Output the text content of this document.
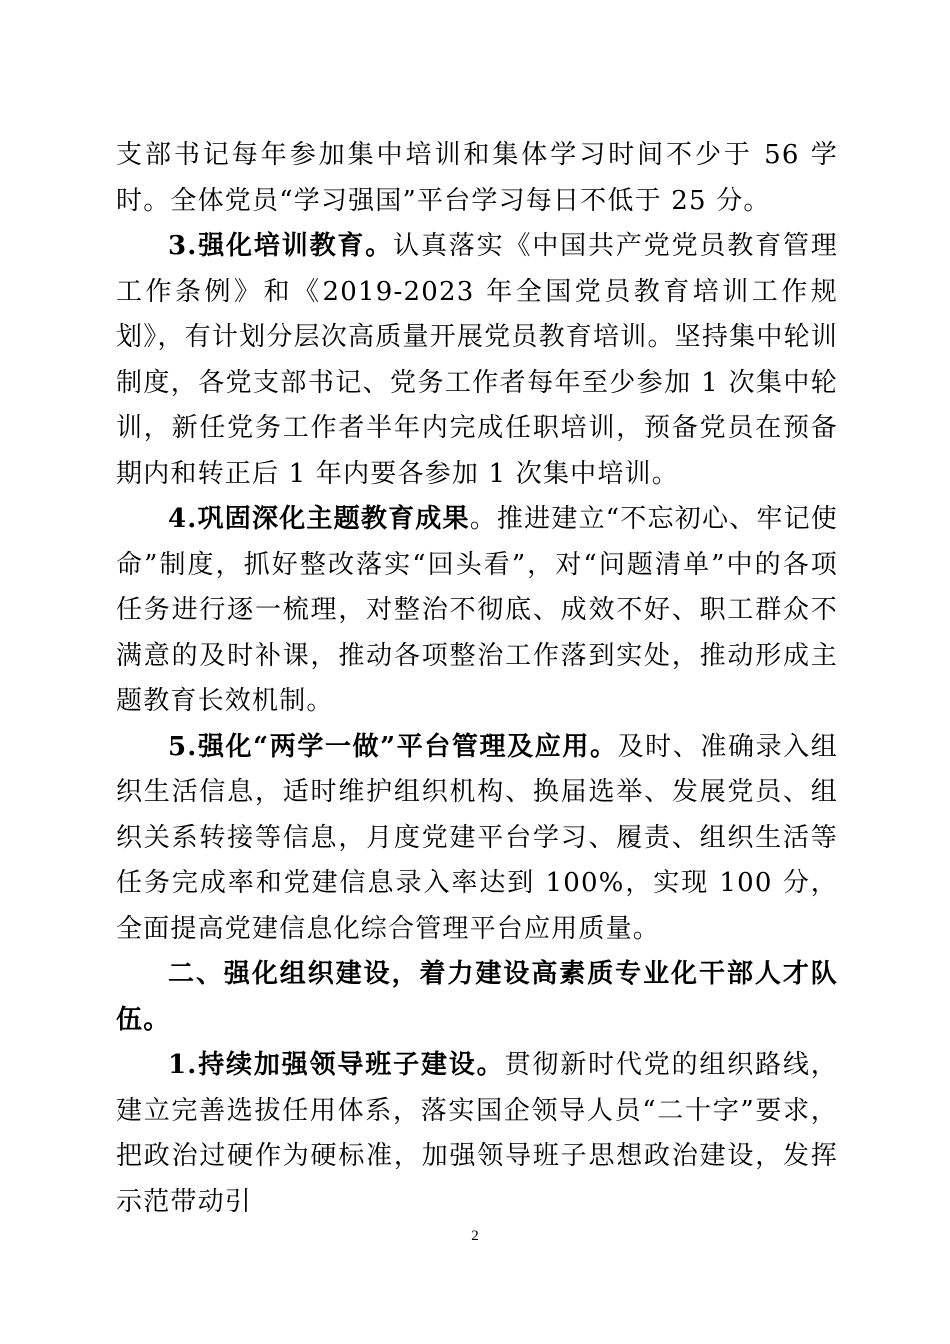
支部书记每年参加集中培训和集体学习时间不少于 56 学时。全体党员“学习强国”平台学习每日不低于 25 分。

3.强化培训教育。认真落实《中国共产党党员教育管理工作条例》和《2019-2023 年全国党员教育培训工作规划》，有计划分层次高质量开展党员教育培训。坚持集中轮训制度，各党支部书记、党务工作者每年至少参加 1 次集中轮训，新任党务工作者半年内完成任职培训，预备党员在预备期内和转正后 1 年内要各参加 1 次集中培训。

4.巩固深化主题教育成果。推进建立“不忘初心、牢记使命”制度，抓好整改落实“回头看”，对“问题清单”中的各项任务进行逐一梳理，对整治不彻底、成效不好、职工群众不满意的及时补课，推动各项整治工作落到实处，推动形成主题教育长效机制。

5.强化“两学一做”平台管理及应用。及时、准确录入组织生活信息，适时维护组织机构、换届选举、发展党员、组织关系转接等信息，月度党建平台学习、履责、组织生活等任务完成率和党建信息录入率达到 100%，实现 100 分，全面提高党建信息化综合管理平台应用质量。

二、强化组织建设，着力建设高素质专业化干部人才队伍。

1.持续加强领导班子建设。贯彻新时代党的组织路线，建立完善选拔任用体系，落实国企领导人员“二十字”要求，把政治过硬作为硬标准，加强领导班子思想政治建设，发挥示范带动引

2
